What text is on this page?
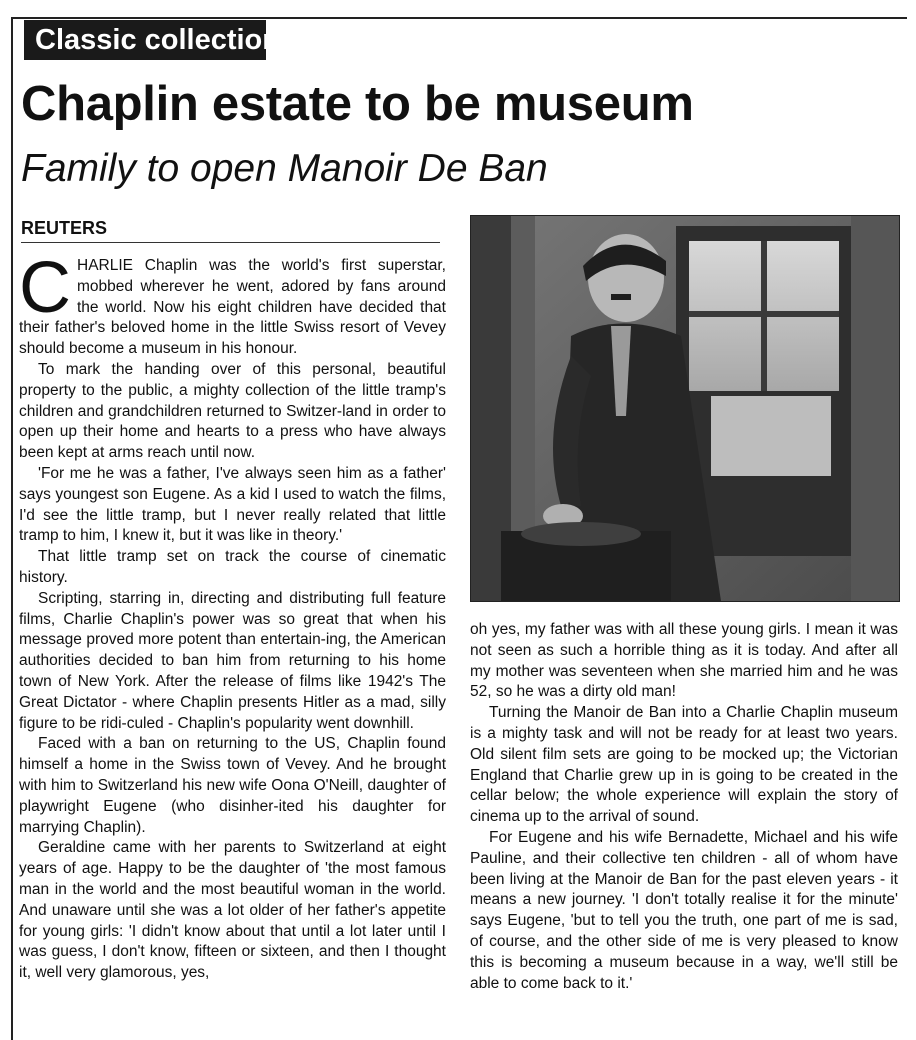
Classic collection
Chaplin estate to be museum
Family to open Manoir De Ban
REUTERS

CHARLIE Chaplin was the world's first superstar, mobbed wherever he went, adored by fans around the world. Now his eight children have decided that their father's beloved home in the little Swiss resort of Vevey should become a museum in his honour.

To mark the handing over of this personal, beautiful property to the public, a mighty collection of the little tramp's children and grandchildren returned to Switzer-land in order to open up their home and hearts to a press who have always been kept at arms reach until now.

'For me he was a father, I've always seen him as a father' says youngest son Eugene. As a kid I used to watch the films, I'd see the little tramp, but I never really related that little tramp to him, I knew it, but it was like in theory.'

That little tramp set on track the course of cinematic history.

Scripting, starring in, directing and distributing full feature films, Charlie Chaplin's power was so great that when his message proved more potent than entertain-ing, the American authorities decided to ban him from returning to his home town of New York. After the release of films like 1942's The Great Dictator - where Chaplin presents Hitler as a mad, silly figure to be ridi-culed - Chaplin's popularity went downhill.

Faced with a ban on returning to the US, Chaplin found himself a home in the Swiss town of Vevey. And he brought with him to Switzerland his new wife Oona O'Neill, daughter of playwright Eugene (who disinher-ited his daughter for marrying Chaplin).

Geraldine came with her parents to Switzerland at eight years of age. Happy to be the daughter of 'the most famous man in the world and the most beautiful woman in the world. And unaware until she was a lot older of her father's appetite for young girls: 'I didn't know about that until a lot later until I was guess, I don't know, fifteen or sixteen, and then I thought it, well very glamorous, yes,

oh yes, my father was with all these young girls. I mean it was not seen as such a horrible thing as it is today. And after all my mother was seventeen when she married him and he was 52, so he was a dirty old man!

Turning the Manoir de Ban into a Charlie Chaplin museum is a mighty task and will not be ready for at least two years. Old silent film sets are going to be mocked up; the Victorian England that Charlie grew up in is going to be created in the cellar below; the whole experience will explain the story of cinema up to the arrival of sound.

For Eugene and his wife Bernadette, Michael and his wife Pauline, and their collective ten children - all of whom have been living at the Manoir de Ban for the past eleven years - it means a new journey. 'I don't totally realise it for the minute' says Eugene, 'but to tell you the truth, one part of me is sad, of course, and the other side of me is very pleased to know this is becoming a museum because in a way, we'll still be able to come back to it.'
